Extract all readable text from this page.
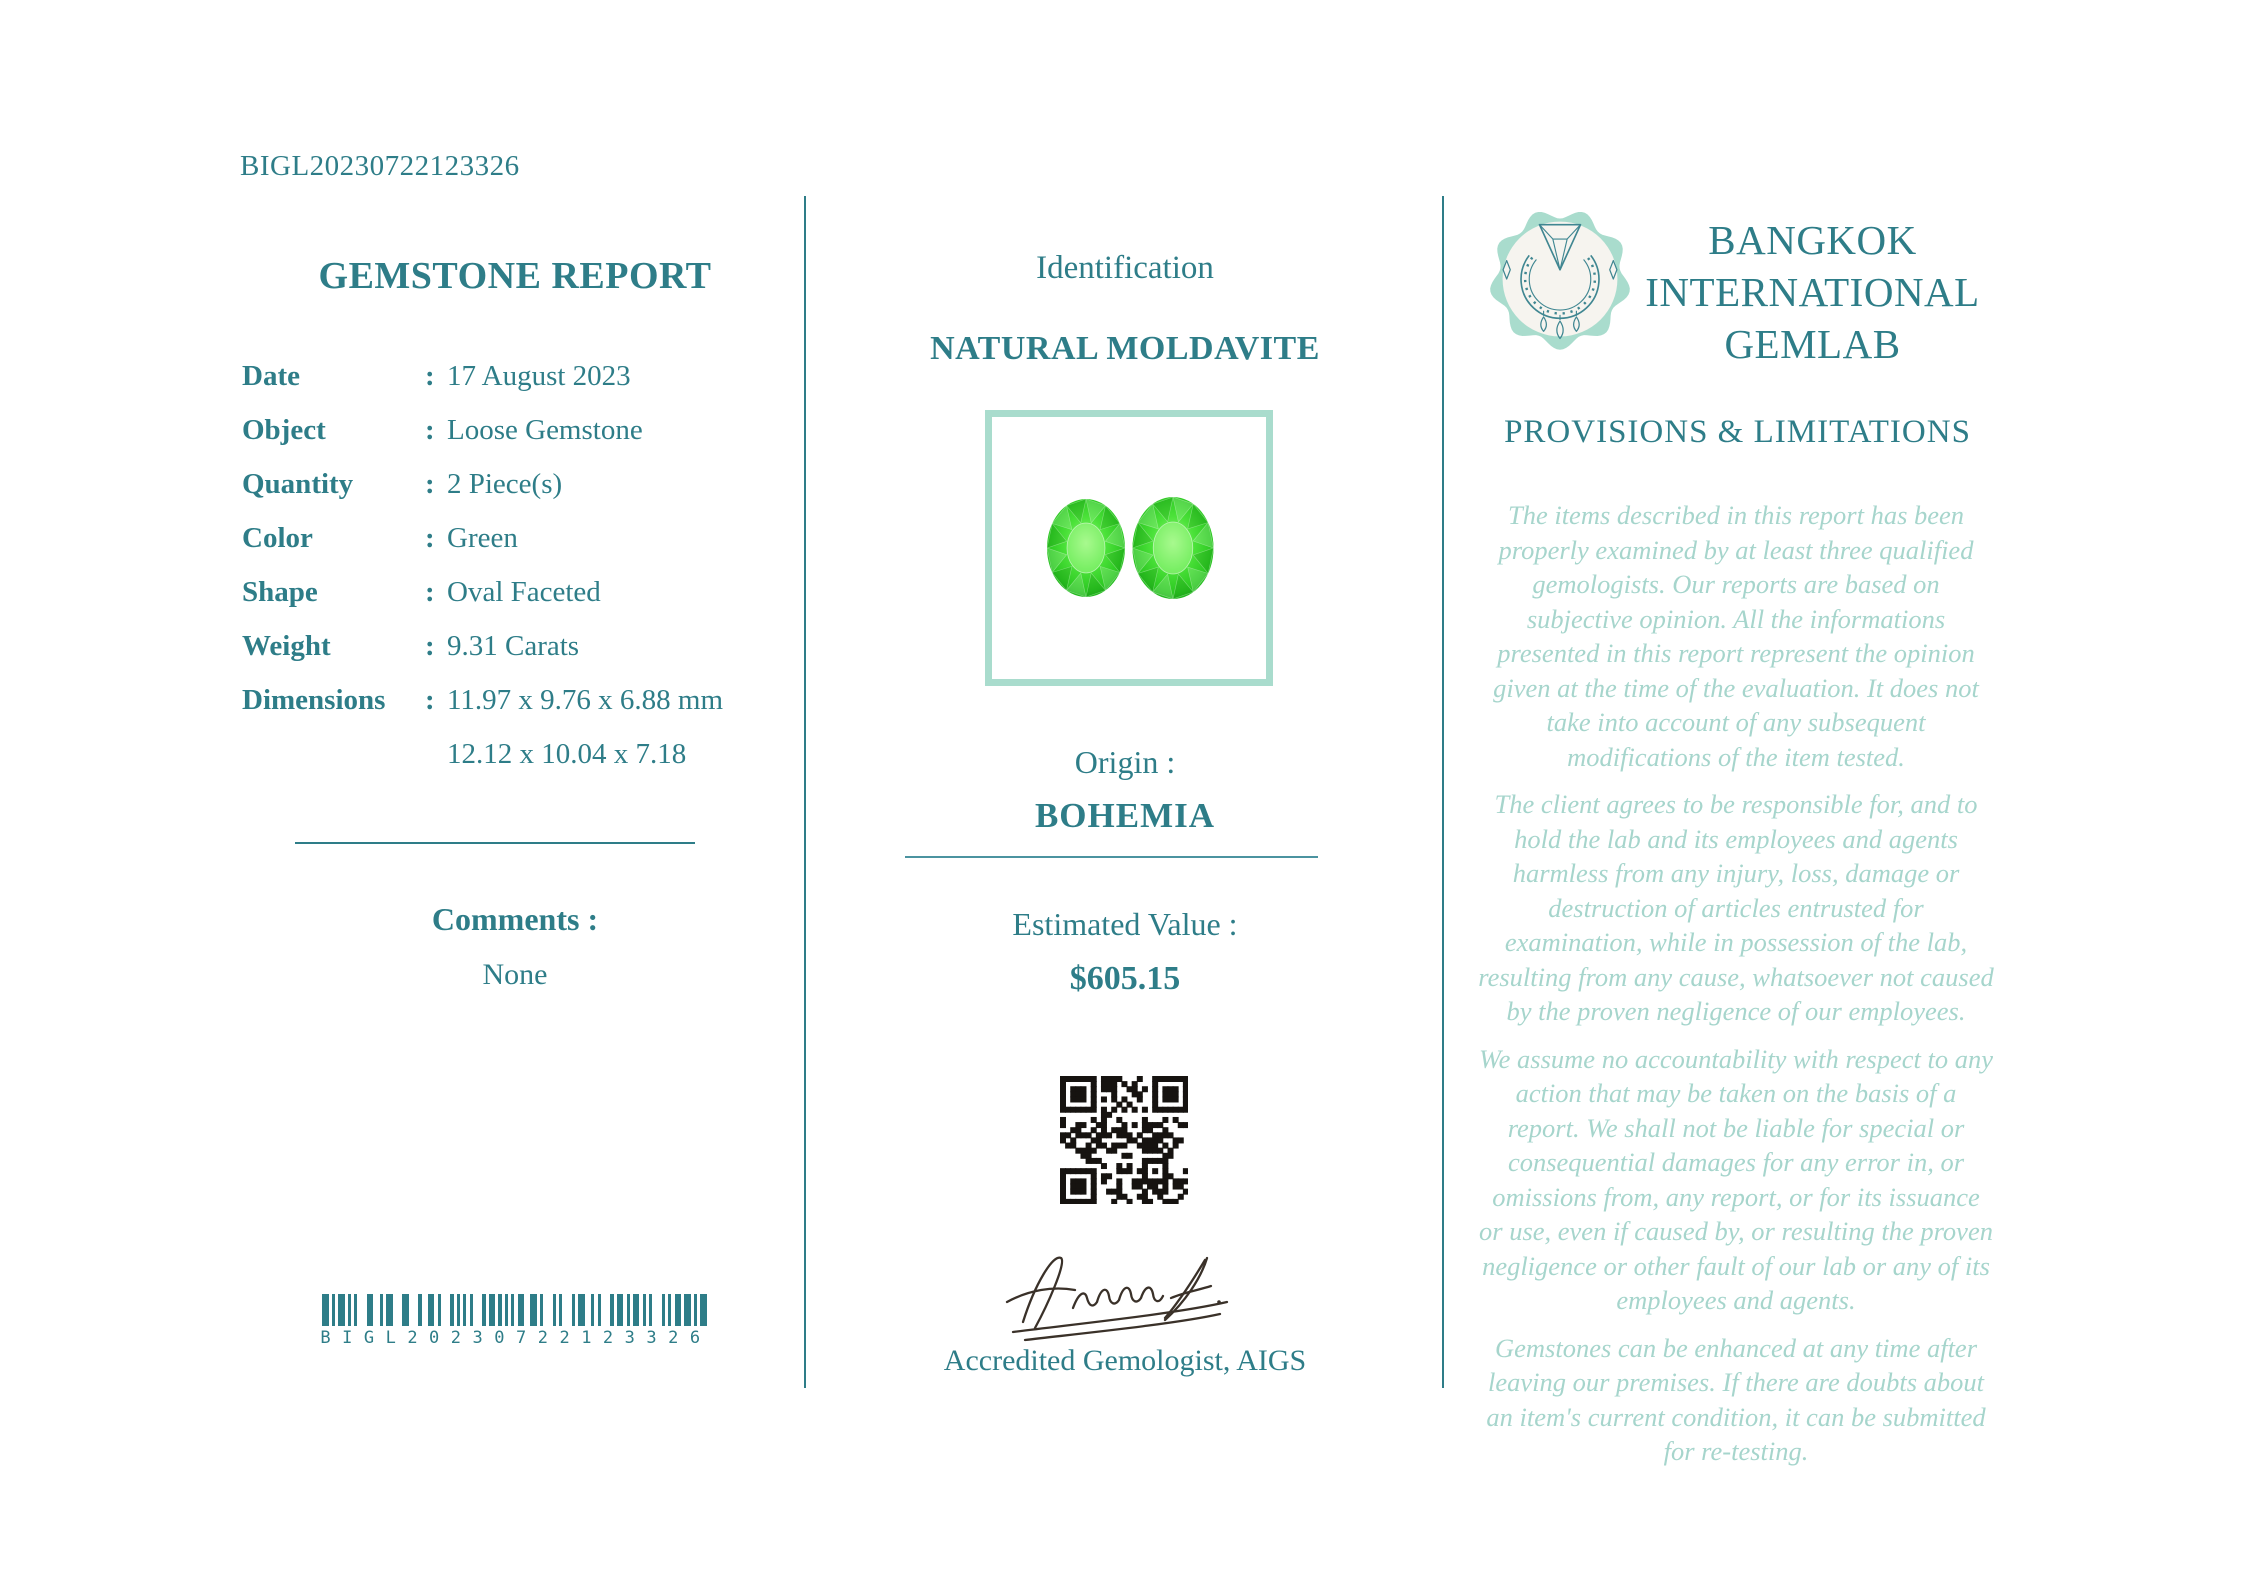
BIGL20230722123326
GEMSTONE REPORT
Date	: 17 August 2023
Object	: Loose Gemstone
Quantity	: 2 Piece(s)
Color	: Green
Shape	: Oval Faceted
Weight	: 9.31 Carats
Dimensions	: 11.97 x 9.76 x 6.88 mm
12.12 x 10.04 x 7.18
Comments :
None
BIGL20230722123326
Identification
NATURAL MOLDAVITE
Origin :
BOHEMIA
Estimated Value :
$605.15
Accredited Gemologist, AIGS
BANGKOK
INTERNATIONAL
GEMLAB
PROVISIONS & LIMITATIONS

The items described in this report has been properly examined by at least three qualified gemologists. Our reports are based on subjective opinion. All the informations presented in this report represent the opinion given at the time of the evaluation. It does not take into account of any subsequent modifications of the item tested.

The client agrees to be responsible for, and to hold the lab and its employees and agents harmless from any injury, loss, damage or destruction of articles entrusted for examination, while in possession of the lab, resulting from any cause, whatsoever not caused by the proven negligence of our employees.

We assume no accountability with respect to any action that may be taken on the basis of a report. We shall not be liable for special or consequential damages for any error in, or omissions from, any report, or for its issuance or use, even if caused by, or resulting the proven negligence or other fault of our lab or any of its employees and agents.

Gemstones can be enhanced at any time after leaving our premises. If there are doubts about an item's current condition, it can be submitted for re-testing.
